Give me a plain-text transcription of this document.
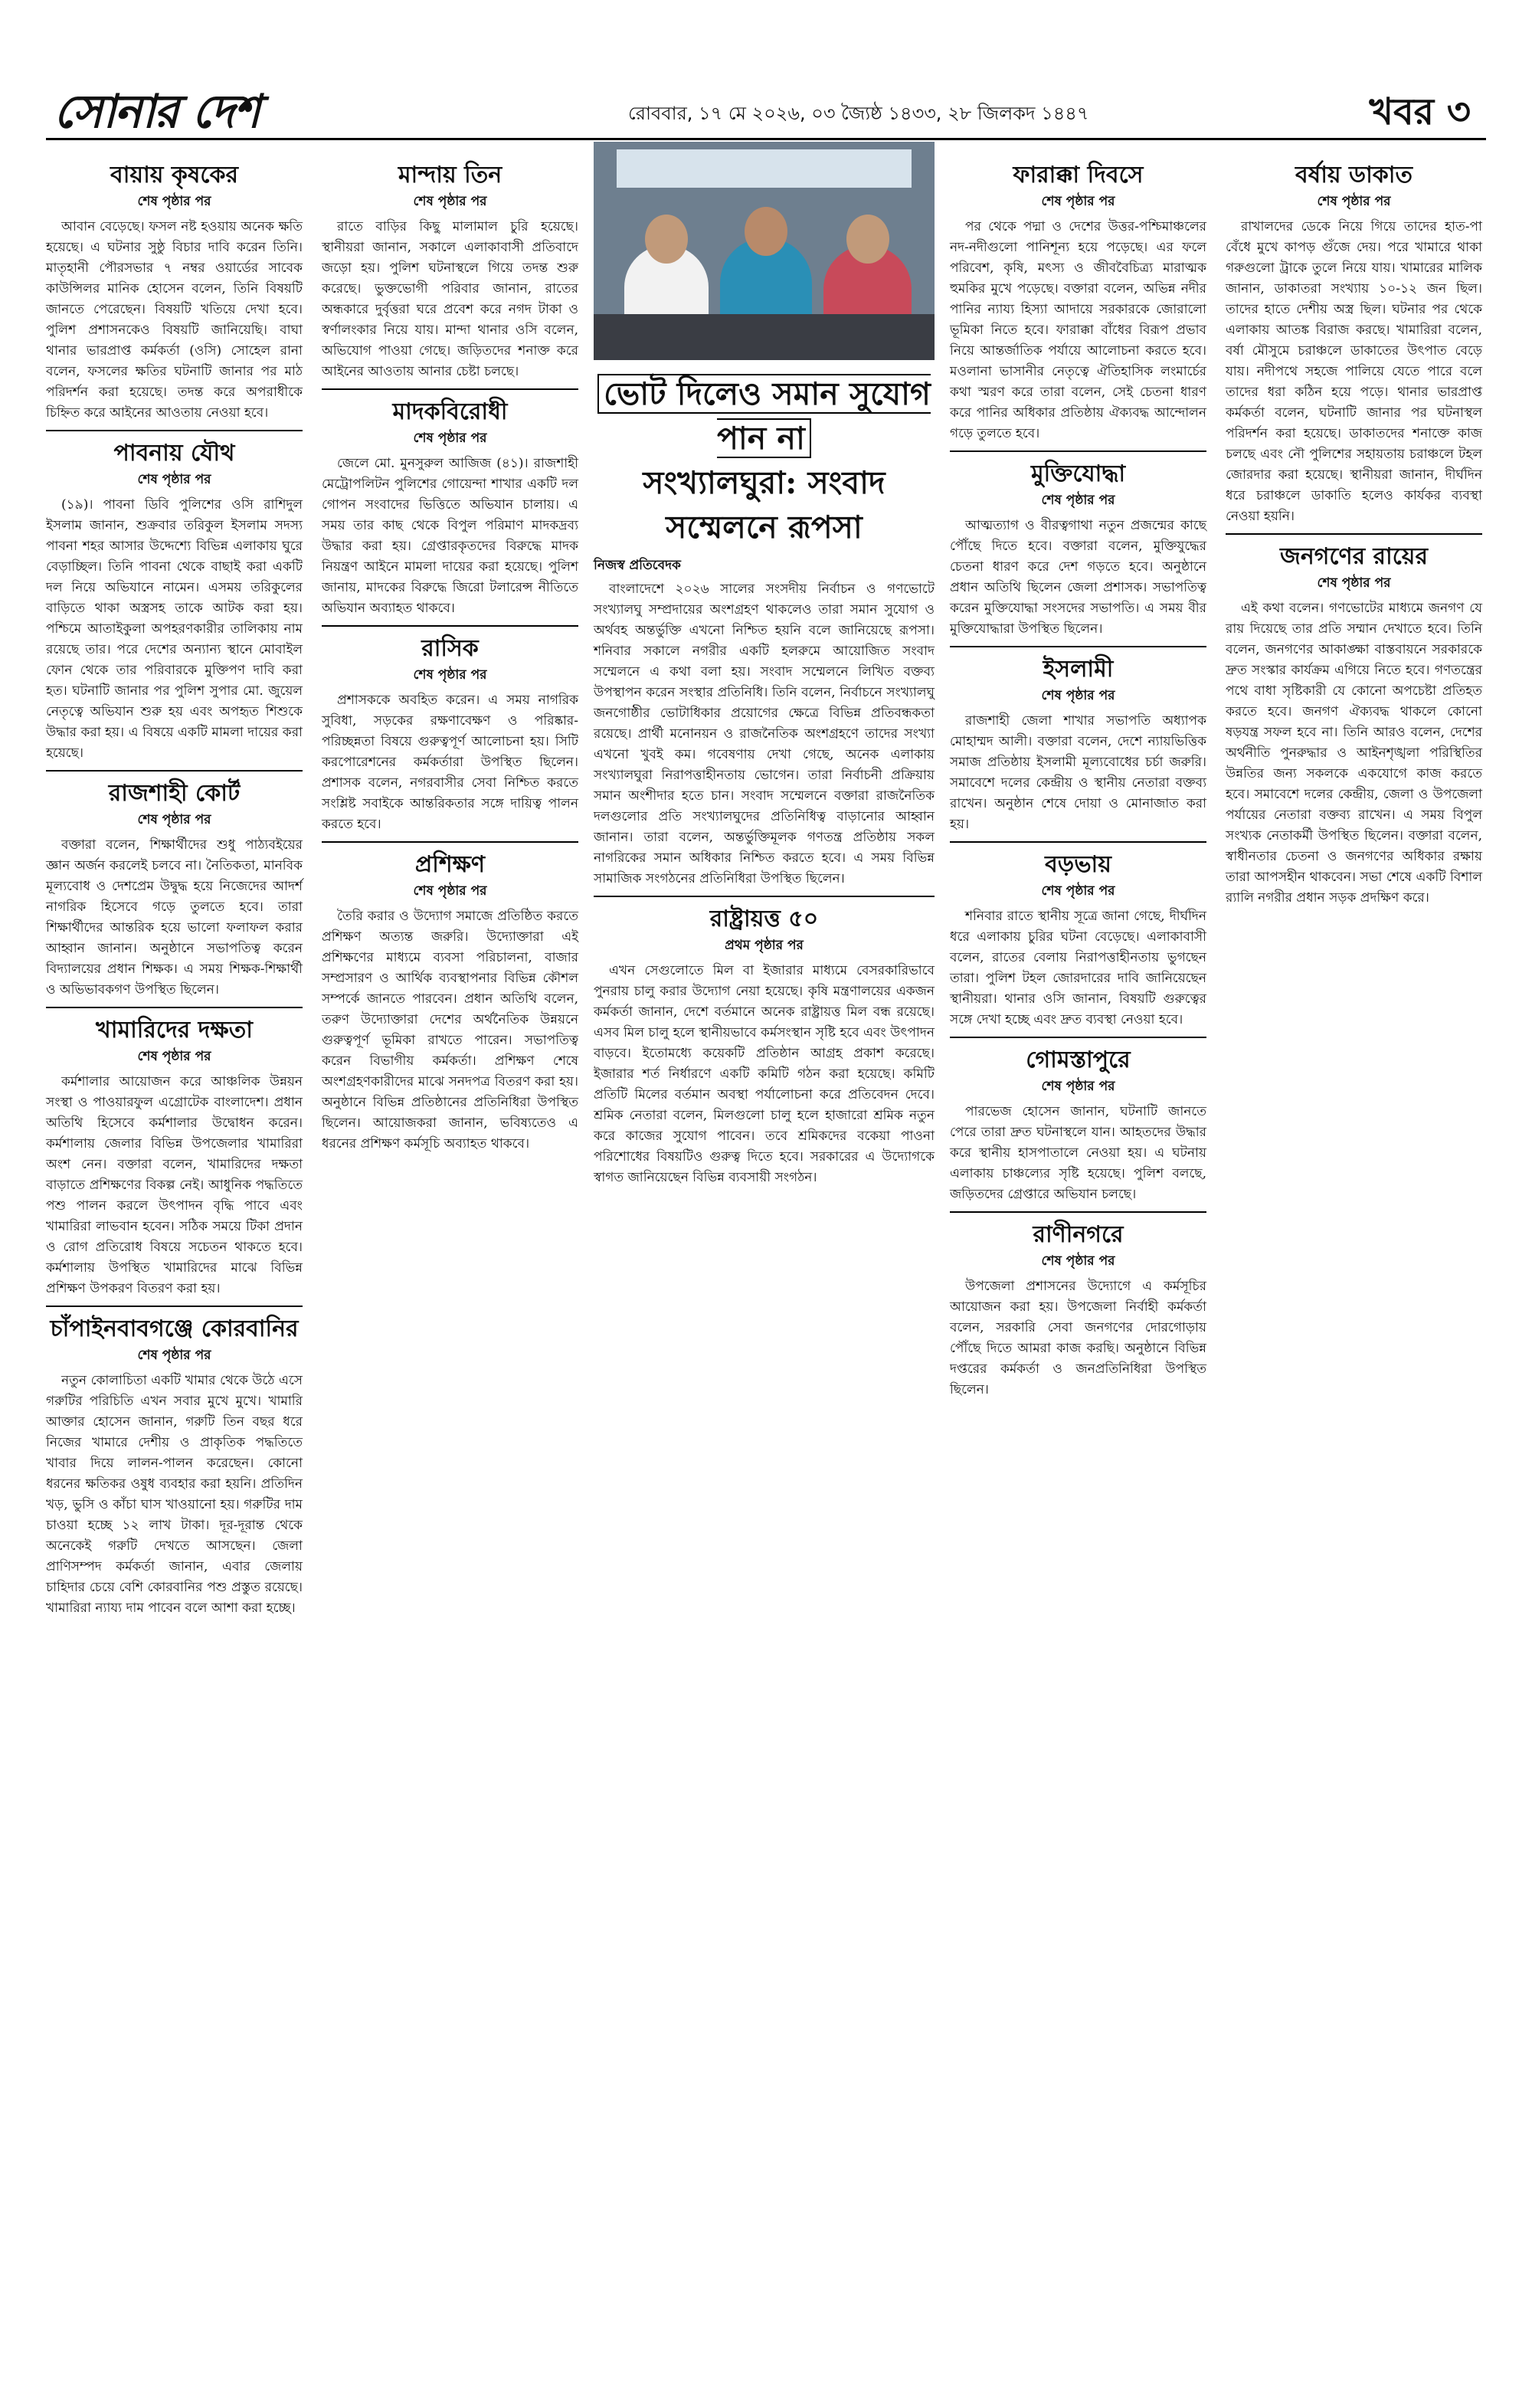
সোনার দেশ	রোববার, ১৭ মে ২০২৬, ০৩ জ্যৈষ্ঠ ১৪৩৩, ২৮ জিলকদ ১৪৪৭	খবর ৩
বায়ায় কৃষকের
শেষ পৃষ্ঠার পর

আবান বেড়েছে। ফসল নষ্ট হওয়ায় অনেক ক্ষতি হয়েছে। এ ঘটনার সুষ্ঠু বিচার দাবি করেন তিনি। মাতৃহানী পৌরসভার ৭ নম্বর ওয়ার্ডের সাবেক কাউন্সিলর মানিক হোসেন বলেন, তিনি বিষয়টি জানতে পেরেছেন। বিষয়টি খতিয়ে দেখা হবে। পুলিশ প্রশাসনকেও বিষয়টি জানিয়েছি। বাঘা থানার ভারপ্রাপ্ত কর্মকর্তা (ওসি) সোহেল রানা বলেন, ফসলের ক্ষতির ঘটনাটি জানার পর মাঠ পরিদর্শন করা হয়েছে। তদন্ত করে অপরাধীকে চিহ্নিত করে আইনের আওতায় নেওয়া হবে।

পাবনায় যৌথ
শেষ পৃষ্ঠার পর

(১৯)। পাবনা ডিবি পুলিশের ওসি রাশিদুল ইসলাম জানান, শুক্রবার তরিকুল ইসলাম সদস্য পাবনা শহর আসার উদ্দেশ্যে বিভিন্ন এলাকায় ঘুরে বেড়াচ্ছিল। তিনি পাবনা থেকে বাছাই করা একটি দল নিয়ে অভিযানে নামেন। এসময় তরিকুলের বাড়িতে থাকা অস্ত্রসহ তাকে আটক করা হয়। পশ্চিমে আতাইকুলা অপহরণকারীর তালিকায় নাম রয়েছে তার। পরে দেশের অন্যান্য স্থানে মোবাইল ফোন থেকে তার পরিবারকে মুক্তিপণ দাবি করা হত। ঘটনাটি জানার পর পুলিশ সুপার মো. জুয়েল নেতৃত্বে অভিযান শুরু হয় এবং অপহৃত শিশুকে উদ্ধার করা হয়। এ বিষয়ে একটি মামলা দায়ের করা হয়েছে।

রাজশাহী কোর্ট
শেষ পৃষ্ঠার পর

বক্তারা বলেন, শিক্ষার্থীদের শুধু পাঠ্যবইয়ের জ্ঞান অর্জন করলেই চলবে না। নৈতিকতা, মানবিক মূল্যবোধ ও দেশপ্রেম উদ্বুদ্ধ হয়ে নিজেদের আদর্শ নাগরিক হিসেবে গড়ে তুলতে হবে। তারা শিক্ষার্থীদের আন্তরিক হয়ে ভালো ফলাফল করার আহ্বান জানান। অনুষ্ঠানে সভাপতিত্ব করেন বিদ্যালয়ের প্রধান শিক্ষক। এ সময় শিক্ষক-শিক্ষার্থী ও অভিভাবকগণ উপস্থিত ছিলেন।

খামারিদের দক্ষতা
শেষ পৃষ্ঠার পর

কর্মশালার আয়োজন করে আঞ্চলিক উন্নয়ন সংস্থা ও পাওয়ারফুল এগ্রোটেক বাংলাদেশ। প্রধান অতিথি হিসেবে কর্মশালার উদ্বোধন করেন। কর্মশালায় জেলার বিভিন্ন উপজেলার খামারিরা অংশ নেন। বক্তারা বলেন, খামারিদের দক্ষতা বাড়াতে প্রশিক্ষণের বিকল্প নেই। আধুনিক পদ্ধতিতে পশু পালন করলে উৎপাদন বৃদ্ধি পাবে এবং খামারিরা লাভবান হবেন। সঠিক সময়ে টিকা প্রদান ও রোগ প্রতিরোধ বিষয়ে সচেতন থাকতে হবে। কর্মশালায় উপস্থিত খামারিদের মাঝে বিভিন্ন প্রশিক্ষণ উপকরণ বিতরণ করা হয়।

চাঁপাইনবাবগঞ্জে কোরবানির
শেষ পৃষ্ঠার পর

নতুন কোলাচিতা একটি খামার থেকে উঠে এসে গরুটির পরিচিতি এখন সবার মুখে মুখে। খামারি আক্তার হোসেন জানান, গরুটি তিন বছর ধরে নিজের খামারে দেশীয় ও প্রাকৃতিক পদ্ধতিতে খাবার দিয়ে লালন-পালন করেছেন। কোনো ধরনের ক্ষতিকর ওষুধ ব্যবহার করা হয়নি। প্রতিদিন খড়, ভুসি ও কাঁচা ঘাস খাওয়ানো হয়। গরুটির দাম চাওয়া হচ্ছে ১২ লাখ টাকা। দূর-দূরান্ত থেকে অনেকেই গরুটি দেখতে আসছেন। জেলা প্রাণিসম্পদ কর্মকর্তা জানান, এবার জেলায় চাহিদার চেয়ে বেশি কোরবানির পশু প্রস্তুত রয়েছে। খামারিরা ন্যায্য দাম পাবেন বলে আশা করা হচ্ছে।

মান্দায় তিন
শেষ পৃষ্ঠার পর

রাতে বাড়ির কিছু মালামাল চুরি হয়েছে। স্থানীয়রা জানান, সকালে এলাকাবাসী প্রতিবাদে জড়ো হয়। পুলিশ ঘটনাস্থলে গিয়ে তদন্ত শুরু করেছে। ভুক্তভোগী পরিবার জানান, রাতের অন্ধকারে দুর্বৃত্তরা ঘরে প্রবেশ করে নগদ টাকা ও স্বর্ণালংকার নিয়ে যায়। মান্দা থানার ওসি বলেন, অভিযোগ পাওয়া গেছে। জড়িতদের শনাক্ত করে আইনের আওতায় আনার চেষ্টা চলছে।

মাদকবিরোধী
শেষ পৃষ্ঠার পর

জেলে মো. মুনসুরুল আজিজ (৪১)। রাজশাহী মেট্রোপলিটন পুলিশের গোয়েন্দা শাখার একটি দল গোপন সংবাদের ভিত্তিতে অভিযান চালায়। এ সময় তার কাছ থেকে বিপুল পরিমাণ মাদকদ্রব্য উদ্ধার করা হয়। গ্রেপ্তারকৃতদের বিরুদ্ধে মাদক নিয়ন্ত্রণ আইনে মামলা দায়ের করা হয়েছে। পুলিশ জানায়, মাদকের বিরুদ্ধে জিরো টলারেন্স নীতিতে অভিযান অব্যাহত থাকবে।

রাসিক
শেষ পৃষ্ঠার পর

প্রশাসককে অবহিত করেন। এ সময় নাগরিক সুবিধা, সড়কের রক্ষণাবেক্ষণ ও পরিষ্কার-পরিচ্ছন্নতা বিষয়ে গুরুত্বপূর্ণ আলোচনা হয়। সিটি করপোরেশনের কর্মকর্তারা উপস্থিত ছিলেন। প্রশাসক বলেন, নগরবাসীর সেবা নিশ্চিত করতে সংশ্লিষ্ট সবাইকে আন্তরিকতার সঙ্গে দায়িত্ব পালন করতে হবে।

প্রশিক্ষণ
শেষ পৃষ্ঠার পর

তৈরি করার ও উদ্যোগ সমাজে প্রতিষ্ঠিত করতে প্রশিক্ষণ অত্যন্ত জরুরি। উদ্যোক্তারা এই প্রশিক্ষণের মাধ্যমে ব্যবসা পরিচালনা, বাজার সম্প্রসারণ ও আর্থিক ব্যবস্থাপনার বিভিন্ন কৌশল সম্পর্কে জানতে পারবেন। প্রধান অতিথি বলেন, তরুণ উদ্যোক্তারা দেশের অর্থনৈতিক উন্নয়নে গুরুত্বপূর্ণ ভূমিকা রাখতে পারেন। সভাপতিত্ব করেন বিভাগীয় কর্মকর্তা। প্রশিক্ষণ শেষে অংশগ্রহণকারীদের মাঝে সনদপত্র বিতরণ করা হয়। অনুষ্ঠানে বিভিন্ন প্রতিষ্ঠানের প্রতিনিধিরা উপস্থিত ছিলেন। আয়োজকরা জানান, ভবিষ্যতেও এ ধরনের প্রশিক্ষণ কর্মসূচি অব্যাহত থাকবে।

ভোট দিলেও সমান সুযোগ পান না
সংখ্যালঘুরা: সংবাদ সম্মেলনে রূপসা

নিজস্ব প্রতিবেদক

বাংলাদেশে ২০২৬ সালের সংসদীয় নির্বাচন ও গণভোটে সংখ্যালঘু সম্প্রদায়ের অংশগ্রহণ থাকলেও তারা সমান সুযোগ ও অর্থবহ অন্তর্ভুক্তি এখনো নিশ্চিত হয়নি বলে জানিয়েছে রূপসা। শনিবার সকালে নগরীর একটি হলরুমে আয়োজিত সংবাদ সম্মেলনে এ কথা বলা হয়। সংবাদ সম্মেলনে লিখিত বক্তব্য উপস্থাপন করেন সংস্থার প্রতিনিধি। তিনি বলেন, নির্বাচনে সংখ্যালঘু জনগোষ্ঠীর ভোটাধিকার প্রয়োগের ক্ষেত্রে বিভিন্ন প্রতিবন্ধকতা রয়েছে। প্রার্থী মনোনয়ন ও রাজনৈতিক অংশগ্রহণে তাদের সংখ্যা এখনো খুবই কম। গবেষণায় দেখা গেছে, অনেক এলাকায় সংখ্যালঘুরা নিরাপত্তাহীনতায় ভোগেন। তারা নির্বাচনী প্রক্রিয়ায় সমান অংশীদার হতে চান। সংবাদ সম্মেলনে বক্তারা রাজনৈতিক দলগুলোর প্রতি সংখ্যালঘুদের প্রতিনিধিত্ব বাড়ানোর আহ্বান জানান। তারা বলেন, অন্তর্ভুক্তিমূলক গণতন্ত্র প্রতিষ্ঠায় সকল নাগরিকের সমান অধিকার নিশ্চিত করতে হবে। এ সময় বিভিন্ন সামাজিক সংগঠনের প্রতিনিধিরা উপস্থিত ছিলেন।

রাষ্ট্রায়ত্ত ৫০
প্রথম পৃষ্ঠার পর

এখন সেগুলোতে মিল বা ইজারার মাধ্যমে বেসরকারিভাবে পুনরায় চালু করার উদ্যোগ নেয়া হয়েছে। কৃষি মন্ত্রণালয়ের একজন কর্মকর্তা জানান, দেশে বর্তমানে অনেক রাষ্ট্রায়ত্ত মিল বন্ধ রয়েছে। এসব মিল চালু হলে স্থানীয়ভাবে কর্মসংস্থান সৃষ্টি হবে এবং উৎপাদন বাড়বে। ইতোমধ্যে কয়েকটি প্রতিষ্ঠান আগ্রহ প্রকাশ করেছে। ইজারার শর্ত নির্ধারণে একটি কমিটি গঠন করা হয়েছে। কমিটি প্রতিটি মিলের বর্তমান অবস্থা পর্যালোচনা করে প্রতিবেদন দেবে। শ্রমিক নেতারা বলেন, মিলগুলো চালু হলে হাজারো শ্রমিক নতুন করে কাজের সুযোগ পাবেন। তবে শ্রমিকদের বকেয়া পাওনা পরিশোধের বিষয়টিও গুরুত্ব দিতে হবে। সরকারের এ উদ্যোগকে স্বাগত জানিয়েছেন বিভিন্ন ব্যবসায়ী সংগঠন।

ফারাক্কা দিবসে
শেষ পৃষ্ঠার পর

পর থেকে পদ্মা ও দেশের উত্তর-পশ্চিমাঞ্চলের নদ-নদীগুলো পানিশূন্য হয়ে পড়েছে। এর ফলে পরিবেশ, কৃষি, মৎস্য ও জীববৈচিত্র্য মারাত্মক হুমকির মুখে পড়েছে। বক্তারা বলেন, অভিন্ন নদীর পানির ন্যায্য হিস্যা আদায়ে সরকারকে জোরালো ভূমিকা নিতে হবে। ফারাক্কা বাঁধের বিরূপ প্রভাব নিয়ে আন্তর্জাতিক পর্যায়ে আলোচনা করতে হবে। মওলানা ভাসানীর নেতৃত্বে ঐতিহাসিক লংমার্চের কথা স্মরণ করে তারা বলেন, সেই চেতনা ধারণ করে পানির অধিকার প্রতিষ্ঠায় ঐক্যবদ্ধ আন্দোলন গড়ে তুলতে হবে।

মুক্তিযোদ্ধা
শেষ পৃষ্ঠার পর

আত্মত্যাগ ও বীরত্বগাথা নতুন প্রজন্মের কাছে পৌঁছে দিতে হবে। বক্তারা বলেন, মুক্তিযুদ্ধের চেতনা ধারণ করে দেশ গড়তে হবে। অনুষ্ঠানে প্রধান অতিথি ছিলেন জেলা প্রশাসক। সভাপতিত্ব করেন মুক্তিযোদ্ধা সংসদের সভাপতি। এ সময় বীর মুক্তিযোদ্ধারা উপস্থিত ছিলেন।

ইসলামী
শেষ পৃষ্ঠার পর

রাজশাহী জেলা শাখার সভাপতি অধ্যাপক মোহাম্মদ আলী। বক্তারা বলেন, দেশে ন্যায়ভিত্তিক সমাজ প্রতিষ্ঠায় ইসলামী মূল্যবোধের চর্চা জরুরি। সমাবেশে দলের কেন্দ্রীয় ও স্থানীয় নেতারা বক্তব্য রাখেন। অনুষ্ঠান শেষে দোয়া ও মোনাজাত করা হয়।

বড়ভায়
শেষ পৃষ্ঠার পর

শনিবার রাতে স্থানীয় সূত্রে জানা গেছে, দীর্ঘদিন ধরে এলাকায় চুরির ঘটনা বেড়েছে। এলাকাবাসী বলেন, রাতের বেলায় নিরাপত্তাহীনতায় ভুগছেন তারা। পুলিশ টহল জোরদারের দাবি জানিয়েছেন স্থানীয়রা। থানার ওসি জানান, বিষয়টি গুরুত্বের সঙ্গে দেখা হচ্ছে এবং দ্রুত ব্যবস্থা নেওয়া হবে।

গোমস্তাপুরে
শেষ পৃষ্ঠার পর

পারভেজ হোসেন জানান, ঘটনাটি জানতে পেরে তারা দ্রুত ঘটনাস্থলে যান। আহতদের উদ্ধার করে স্থানীয় হাসপাতালে নেওয়া হয়। এ ঘটনায় এলাকায় চাঞ্চল্যের সৃষ্টি হয়েছে। পুলিশ বলছে, জড়িতদের গ্রেপ্তারে অভিযান চলছে।

রাণীনগরে
শেষ পৃষ্ঠার পর

উপজেলা প্রশাসনের উদ্যোগে এ কর্মসূচির আয়োজন করা হয়। উপজেলা নির্বাহী কর্মকর্তা বলেন, সরকারি সেবা জনগণের দোরগোড়ায় পৌঁছে দিতে আমরা কাজ করছি। অনুষ্ঠানে বিভিন্ন দপ্তরের কর্মকর্তা ও জনপ্রতিনিধিরা উপস্থিত ছিলেন।

বর্ষায় ডাকাত
শেষ পৃষ্ঠার পর

রাখালদের ডেকে নিয়ে গিয়ে তাদের হাত-পা বেঁধে মুখে কাপড় গুঁজে দেয়। পরে খামারে থাকা গরুগুলো ট্রাকে তুলে নিয়ে যায়। খামারের মালিক জানান, ডাকাতরা সংখ্যায় ১০-১২ জন ছিল। তাদের হাতে দেশীয় অস্ত্র ছিল। ঘটনার পর থেকে এলাকায় আতঙ্ক বিরাজ করছে। খামারিরা বলেন, বর্ষা মৌসুমে চরাঞ্চলে ডাকাতের উৎপাত বেড়ে যায়। নদীপথে সহজে পালিয়ে যেতে পারে বলে তাদের ধরা কঠিন হয়ে পড়ে। থানার ভারপ্রাপ্ত কর্মকর্তা বলেন, ঘটনাটি জানার পর ঘটনাস্থল পরিদর্শন করা হয়েছে। ডাকাতদের শনাক্তে কাজ চলছে এবং নৌ পুলিশের সহায়তায় চরাঞ্চলে টহল জোরদার করা হয়েছে। স্থানীয়রা জানান, দীর্ঘদিন ধরে চরাঞ্চলে ডাকাতি হলেও কার্যকর ব্যবস্থা নেওয়া হয়নি।

জনগণের রায়ের
শেষ পৃষ্ঠার পর

এই কথা বলেন। গণভোটের মাধ্যমে জনগণ যে রায় দিয়েছে তার প্রতি সম্মান দেখাতে হবে। তিনি বলেন, জনগণের আকাঙ্ক্ষা বাস্তবায়নে সরকারকে দ্রুত সংস্কার কার্যক্রম এগিয়ে নিতে হবে। গণতন্ত্রের পথে বাধা সৃষ্টিকারী যে কোনো অপচেষ্টা প্রতিহত করতে হবে। জনগণ ঐক্যবদ্ধ থাকলে কোনো ষড়যন্ত্র সফল হবে না। তিনি আরও বলেন, দেশের অর্থনীতি পুনরুদ্ধার ও আইনশৃঙ্খলা পরিস্থিতির উন্নতির জন্য সকলকে একযোগে কাজ করতে হবে। সমাবেশে দলের কেন্দ্রীয়, জেলা ও উপজেলা পর্যায়ের নেতারা বক্তব্য রাখেন। এ সময় বিপুল সংখ্যক নেতাকর্মী উপস্থিত ছিলেন। বক্তারা বলেন, স্বাধীনতার চেতনা ও জনগণের অধিকার রক্ষায় তারা আপসহীন থাকবেন। সভা শেষে একটি বিশাল র‌্যালি নগরীর প্রধান সড়ক প্রদক্ষিণ করে।
